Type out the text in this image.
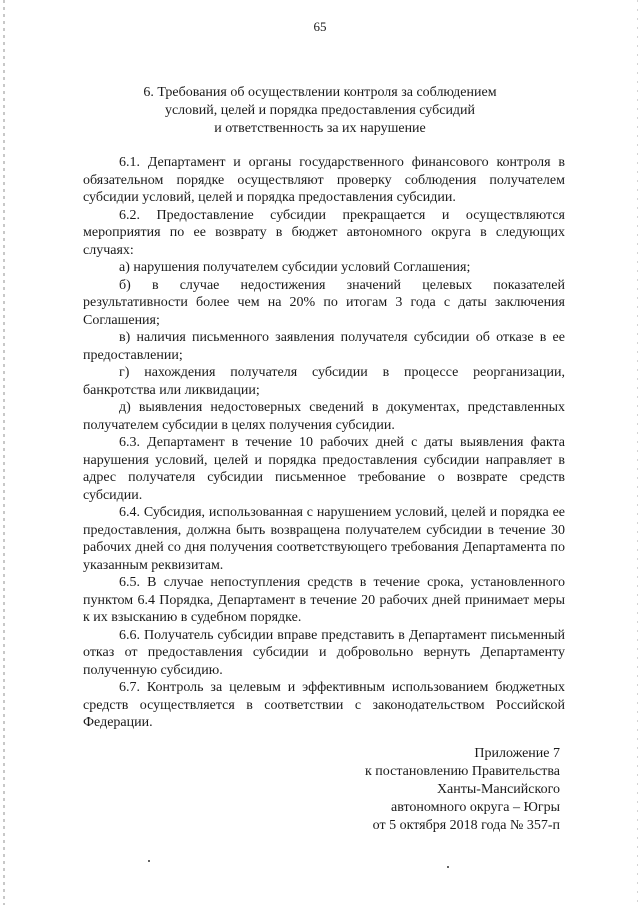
65
6. Требования об осуществлении контроля за соблюдением
условий, целей и порядка предоставления субсидий
и ответственность за их нарушение

6.1. Департамент и органы государственного финансового контроля в обязательном порядке осуществляют проверку соблюдения получателем субсидии условий, целей и порядка предоставления субсидии.

6.2. Предоставление субсидии прекращается и осуществляются мероприятия по ее возврату в бюджет автономного округа в следующих случаях:

а) нарушения получателем субсидии условий Соглашения;

б) в случае недостижения значений целевых показателей результативности более чем на 20% по итогам 3 года с даты заключения Соглашения;

в) наличия письменного заявления получателя субсидии об отказе в ее предоставлении;

г) нахождения получателя субсидии в процессе реорганизации, банкротства или ликвидации;

д) выявления недостоверных сведений в документах, представленных получателем субсидии в целях получения субсидии.

6.3. Департамент в течение 10 рабочих дней с даты выявления факта нарушения условий, целей и порядка предоставления субсидии направляет в адрес получателя субсидии письменное требование о возврате средств субсидии.

6.4. Субсидия, использованная с нарушением условий, целей и порядка ее предоставления, должна быть возвращена получателем субсидии в течение 30 рабочих дней со дня получения соответствующего требования Департамента по указанным реквизитам.

6.5. В случае непоступления средств в течение срока, установленного пунктом 6.4 Порядка, Департамент в течение 20 рабочих дней принимает меры к их взысканию в судебном порядке.

6.6. Получатель субсидии вправе представить в Департамент письменный отказ от предоставления субсидии и добровольно вернуть Департаменту полученную субсидию.

6.7. Контроль за целевым и эффективным использованием бюджетных средств осуществляется в соответствии с законодательством Российской Федерации.

Приложение 7
к постановлению Правительства
Ханты-Мансийского
автономного округа – Югры
от 5 октября 2018 года № 357-п
